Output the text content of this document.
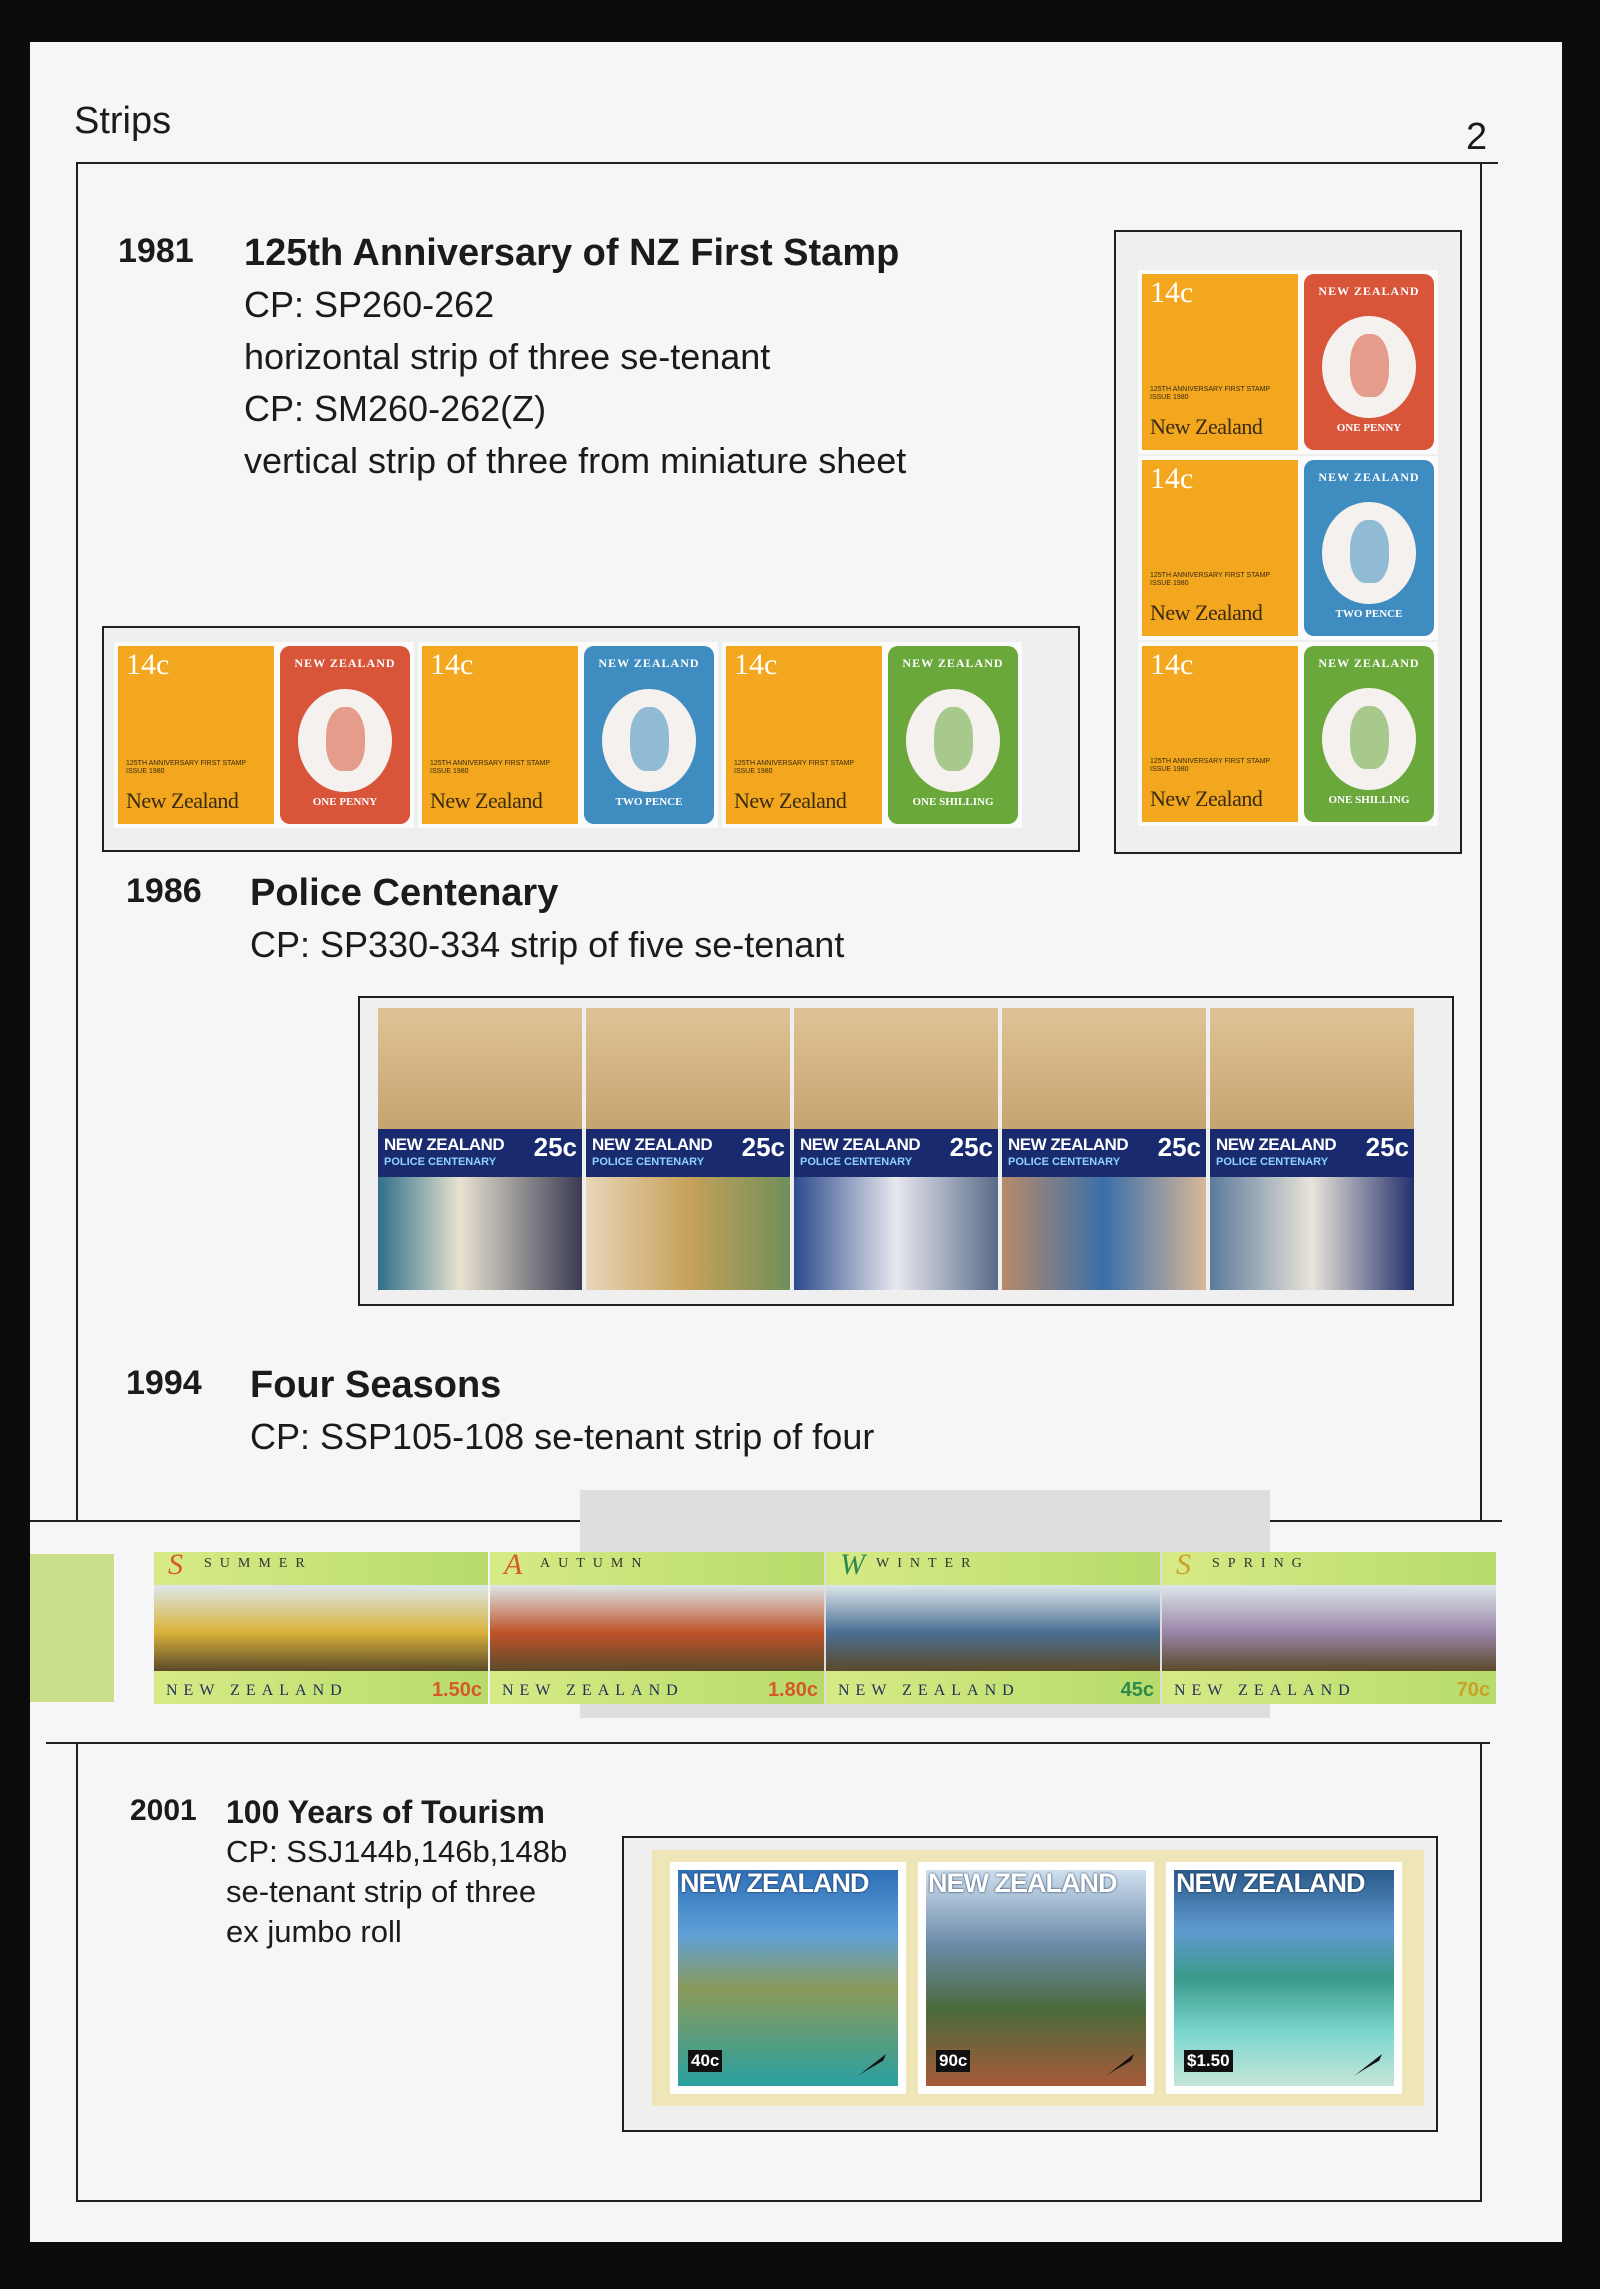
Strips	2
1981 125th Anniversary of NZ First Stamp
CP: SP260-262
horizontal strip of three se-tenant
CP: SM260-262(Z)
vertical strip of three from miniature sheet
14c
125TH ANNIVERSARY FIRST STAMP ISSUE 1980
New Zealand
NEW ZEALAND
ONE PENNY
14c
125TH ANNIVERSARY FIRST STAMP ISSUE 1980
New Zealand
NEW ZEALAND
TWO PENCE
14c
125TH ANNIVERSARY FIRST STAMP ISSUE 1980
New Zealand
NEW ZEALAND
ONE SHILLING
14c
125TH ANNIVERSARY FIRST STAMP ISSUE 1980
New Zealand
NEW ZEALAND
ONE PENNY
14c
125TH ANNIVERSARY FIRST STAMP ISSUE 1980
New Zealand
NEW ZEALAND
TWO PENCE
14c
125TH ANNIVERSARY FIRST STAMP ISSUE 1980
New Zealand
NEW ZEALAND
ONE SHILLING
1986 Police Centenary
CP: SP330-334 strip of five se-tenant
NEW ZEALAND
POLICE CENTENARY 25c NEW ZEALAND
POLICE CENTENARY 25c NEW ZEALAND
POLICE CENTENARY 25c NEW ZEALAND
POLICE CENTENARY 25c NEW ZEALAND
POLICE CENTENARY 25c
1994 Four Seasons
CP: SSP105-108 se-tenant strip of four
SUMMER
S
NEW ZEALAND	1.50c
AUTUMN
A
NEW ZEALAND	1.80c
WINTER
W
NEW ZEALAND	45c
SPRING
S
NEW ZEALAND	70c
2001 100 Years of Tourism
CP: SSJ144b,146b,148b
se-tenant strip of three
ex jumbo roll
NEW ZEALAND
40c
NEW ZEALAND
90c
NEW ZEALAND
$1.50
